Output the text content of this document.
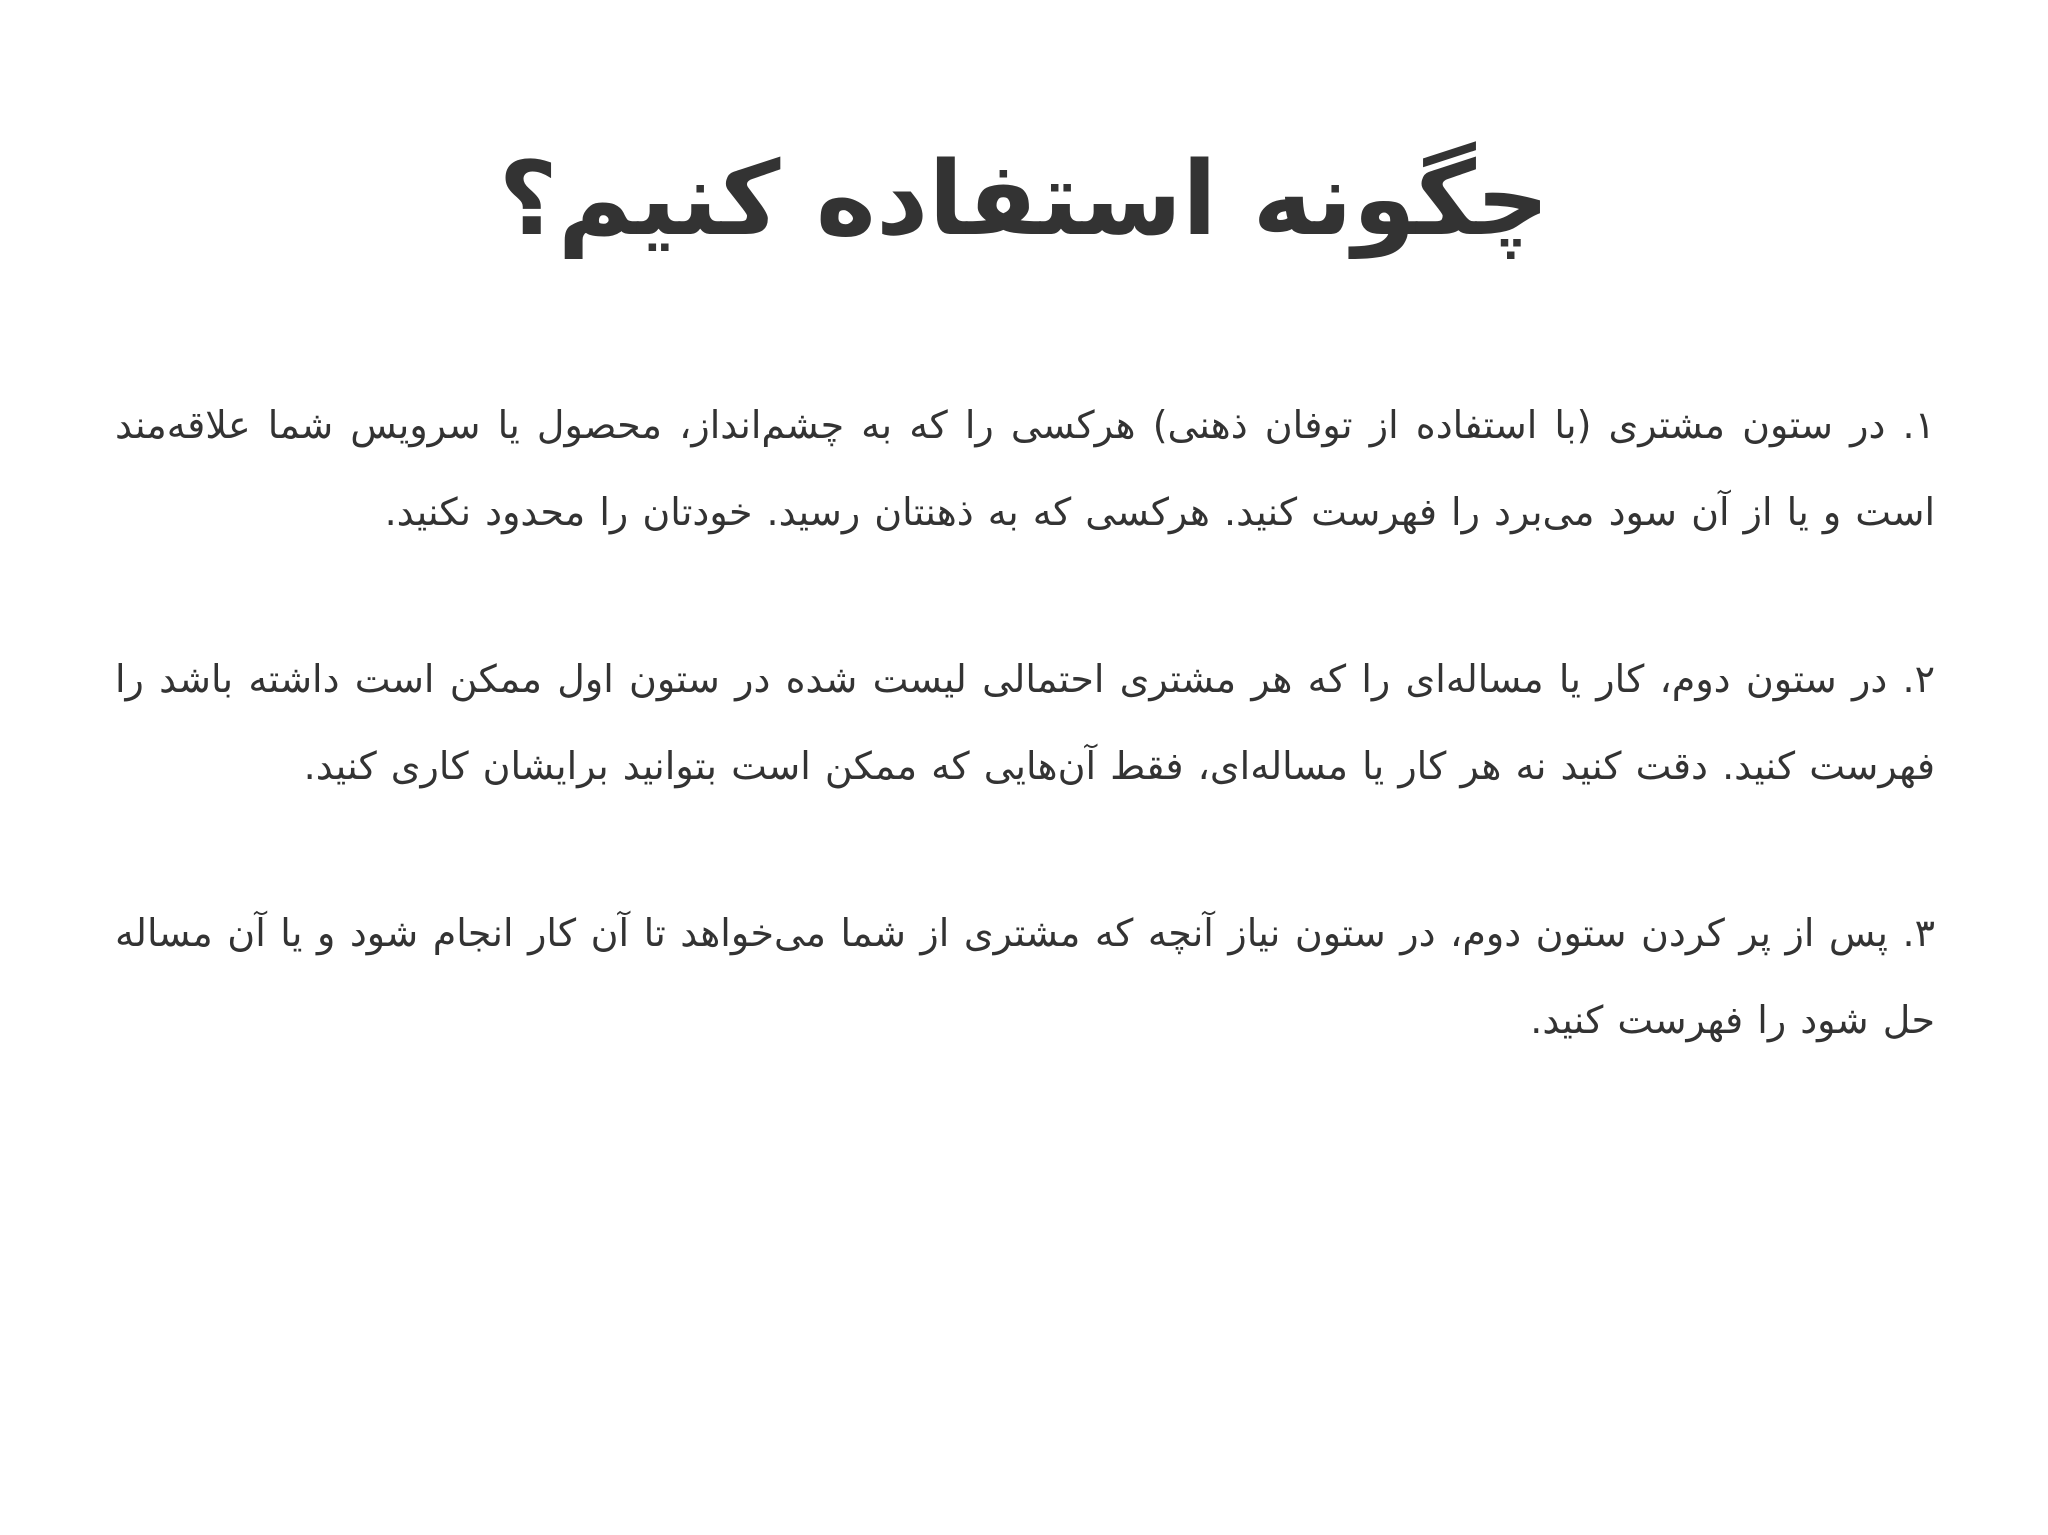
چگونه استفاده کنیم؟

۱. در ستون مشتری (با استفاده از توفان ذهنی) هرکسی را که به چشم‌انداز، محصول یا سرویس شما علاقه‌مند است و یا از آن سود می‌برد را فهرست کنید. هرکسی که به ذهنتان رسید. خودتان را محدود نکنید.

۲. در ستون دوم، کار یا مساله‌ای را که هر مشتری احتمالی لیست شده در ستون اول ممکن است داشته باشد را فهرست کنید. دقت کنید نه هر کار یا مساله‌ای، فقط آن‌هایی که ممکن است بتوانید برایشان کاری کنید.

۳. پس از پر کردن ستون دوم، در ستون نیاز آنچه که مشتری از شما می‌خواهد تا آن کار انجام شود و یا آن مساله حل شود را فهرست کنید.
